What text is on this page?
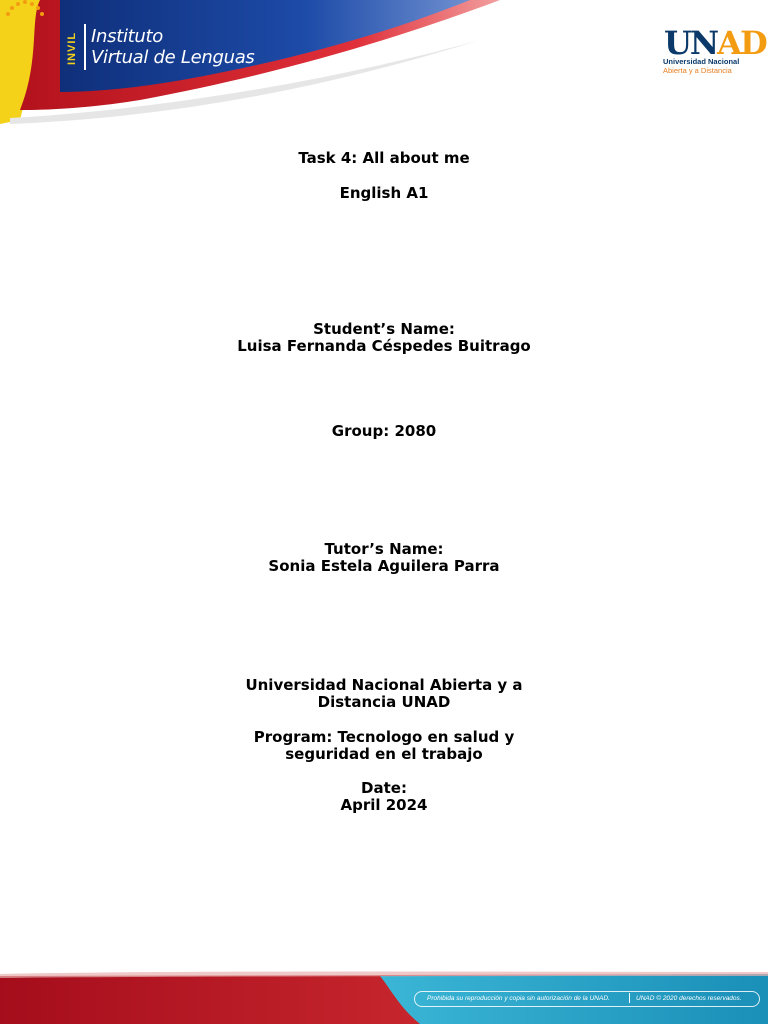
INVIL Instituto
Virtual de Lenguas	UNAD
Universidad Nacional
Abierta y a Distancia
Task 4: All about me
English A1
Student’s Name:
Luisa Fernanda Céspedes Buitrago
Group: 2080
Tutor’s Name:
Sonia Estela Aguilera Parra
Universidad Nacional Abierta y a
Distancia UNAD
Program: Tecnologo en salud y
seguridad en el trabajo
Date:
April 2024
Prohibida su reproducción y copia sin autorización de la UNAD.	UNAD © 2020 derechos reservados.
